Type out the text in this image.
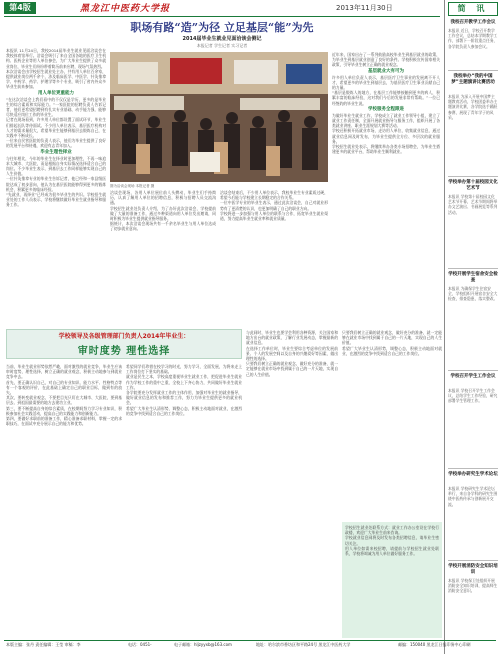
第4版	黑龙江中医药大学报	2013年11月30日	简 讯
我校召开教学工作会议
本报讯 近日，学校召开教学工作会议，总结本学期教学工作，部署下一阶段重点任务，各学院负责人参加会议。
我校举办“我的中国梦”主题演讲比赛活动
本报讯 为深入开展中国梦主题教育活动，学校团委举办主题演讲比赛，各学院选手踊跃参赛，展现了青年学子的风采。
学校举办第十届校园文化艺术节
本报讯 学校第十届校园文化艺术节开幕，艺术节期间将举办文艺演出、书画展览等系列活动。
学校开展学生宿舍安全检查
本报讯 为确保学生住宿安全，学校组织开展宿舍安全大检查，排查隐患，落实整改。
学校召开学生工作会议
本报讯 学校召开学生工作会议，总结学生工作经验，研究部署学生管理工作。
学校举办研究生学术论坛
本报讯 学校研究生学术论坛举行，来自各学科的研究生围绕中医药传承与创新展开交流。
学校开展消防安全知识培训
本报讯 学校保卫处组织开展消防安全知识培训，提高师生消防安全意识。
职场有路“造”为径 立足基层“能”为先
2014届毕业生就业见面洽谈会侧记
本报记者 学生记者 实习记者

本报讯 11月24日，我校2014届毕业生就业见面洽谈会在我校体育馆举行。洽谈会吸引了来自全国各地的医疗卫生机构、医药企业等用人单位参会，为广大毕业生提供了众多就业岗位，毕业生们纷纷带着简历前来应聘，现场气氛热烈。

本次洽谈会由学校招生就业处主办，共有用人单位百余家，提供就业岗位两千余个，涉及临床医学、中医学、针灸推拿学、中药学、药学、护理学等多个专业，吸引了省内外众多毕业生前来参加。

用人单位更重能力

“在这次洽谈会上我们看中的不仅仅是学历，更多的是毕业生的综合素质和实际能力。”一家医院的招聘负责人告诉记者，他们更希望招聘到有扎实专业基础、动手能力强、能够尽快适应岗位工作的毕业生。

记者在现场看到，许多用人单位都设置了面试环节，毕业生们排起长队等待面试。不少用人单位表示，基层医疗机构对人才的需求量很大，希望毕业生能够到基层去锻炼自己，在实践中不断成长。

一位来自民营医院的负责人表示，他们为毕业生提供了良好的发展平台和待遇，欢迎有志青年加入。

毕业生理性择业

与往年相比，今年的毕业生在择业时更加理性，不再一味追求大城市、大医院，而是根据自身实际情况选择适合自己的岗位。不少毕业生表示，到基层去工作同样能够实现自己的人生价值。

一位针灸推拿专业的毕业生告诉记者，他已经和一家县级医院达成了初步意向，他认为在基层医院能够得到更多的锻炼机会，积累更多的临床经验。

“先就业，再择业”已经成为很多毕业生的共识。学校招生就业处的工作人员表示，学校将继续做好毕业生就业指导和服务工作。

图为洽谈会现场 本报记者 摄

洽谈会现场，各用人单位展位前人头攒动，毕业生们手持简历，认真了解用人单位的招聘信息，积极与招聘人员交流沟通。

学校招生就业处负责人介绍，为了办好此次洽谈会，学校提前做了大量的准备工作，通过多种渠道向用人单位发出邀请，同时积极为毕业生提供就业指导服务。

据统计，本次洽谈会现场共有一千余名毕业生与用人单位达成了初步就业意向。

洽谈会结束后，不少用人单位表示，我校毕业生专业素质过硬，希望今后能与学校建立长期稳定的合作关系。

一位中医学专业的毕业生表示，通过此次洽谈会，自己对就业形势有了更清楚的认识，也更加明确了自己的职业方向。

学校将进一步加强与用人单位的联系与合作，拓宽毕业生就业渠道，努力提高毕业生就业率和就业质量。

近年来，国家出台了一系列鼓励高校毕业生到基层就业的政策，为毕业生到基层就业创造了良好的条件。学校积极宣传国家相关政策，引导毕业生树立正确的就业观念。

基层就业大有可为

许多用人单位负责人表示，基层医疗卫生事业的发展离不开人才，希望更多的毕业生到基层去，为基层医疗卫生事业贡献自己的力量。

“基层是锻炼人的地方，在基层工作能够接触到更多的病人，积累丰富的临床经验，这对我们今后的发展非常有帮助。”一位已经签约的毕业生说。

学校服务全程跟进

为做好毕业生就业工作，学校成立了就业工作领导小组，建立了就业工作责任制，全面开展就业指导与服务工作，组织开展了各类就业讲座、职业生涯规划大赛等活动。

学校还积极开拓就业市场，走访用人单位，收集就业信息，通过就业信息网及时发布，为毕业生提供全方位、多层次的就业服务。

学校招生就业处表示，将继续举办各类专场招聘会，为毕业生搭建更多的就业平台，帮助毕业生顺利就业。

学校领导及各级管理部门负责人2014年毕业生：
审时度势 理性选择

当前，毕业生就业形势依然严峻，面对激烈的就业竞争，毕业生应该审时度势，理性选择，树立正确的就业观念，积极主动地参与到就业竞争中去。

首先，要正确认识自己，对自己的专业知识、能力水平、性格特点等有一个客观的评价，在此基础上确定自己的职业目标，做到有的放矢。

其次，要转变就业观念，不要把目光只盯在大城市、大医院，要到基层去、到祖国最需要的地方去建功立业。

第三，要不断提高自身的综合素质，在校期间努力学习专业知识，积极参加社会实践活动，提高自己的实践能力和创新能力。

第四，要做好求职前的准备工作，精心准备求职材料，掌握一定的求职技巧，在面试中充分展示自己的能力和优势。

希望同学们珍惜在校学习的时光，努力学习，全面发展，为将来走上工作岗位打下坚实的基础。

就业是民生之本，学校高度重视毕业生就业工作，把促进毕业生就业作为学校工作的重中之重，全校上下齐心协力，共同做好毕业生就业工作。

各学院要充分发挥就业工作的主体作用，加强对毕业生的就业指导，做好就业信息的发布和推荐工作，努力为毕业生提供更多的就业机会。

希望广大毕业生认清形势，调整心态，积极主动地面对就业，在激烈的竞争中找到适合自己的工作岗位。

与此同时，毕业生也要学会利用各种资源，关注国家和地方出台的就业政策，了解行业发展动态，掌握最新的就业信息。

在选择工作单位时，毕业生要综合考虑单位的发展前景、个人的发展空间以及自身的兴趣爱好等因素，做出理性的选择。

只要我们树立正确的就业观念，做好充分的准备，就一定能够在就业市场中找到属于自己的一片天地，实现自己的人生价值。

只要我们树立正确的就业观念，做好充分的准备，就一定能够在就业市场中找到属于自己的一片天地，实现自己的人生价值。

希望广大毕业生认清形势，调整心态，积极主动地面对就业，在激烈的竞争中找到适合自己的工作岗位。

学校招生就业处联系方式：就业工作办公室设在学校行政楼，欢迎广大毕业生前来咨询。

学校就业信息网将及时发布各类招聘信息，请毕业生密切关注。

用人单位如需来校招聘，请提前与学校招生就业处联系，学校将竭诚为用人单位做好服务工作。

本版主编：张丹 责任编辑：王莹 审稿：李	电话：0451-	电子邮箱：hljzyyxb@163.com	地址：哈尔滨市香坊区和平路24号 黑龙江中医药大学	邮编：150040 黑龙江日报印务中心印刷
